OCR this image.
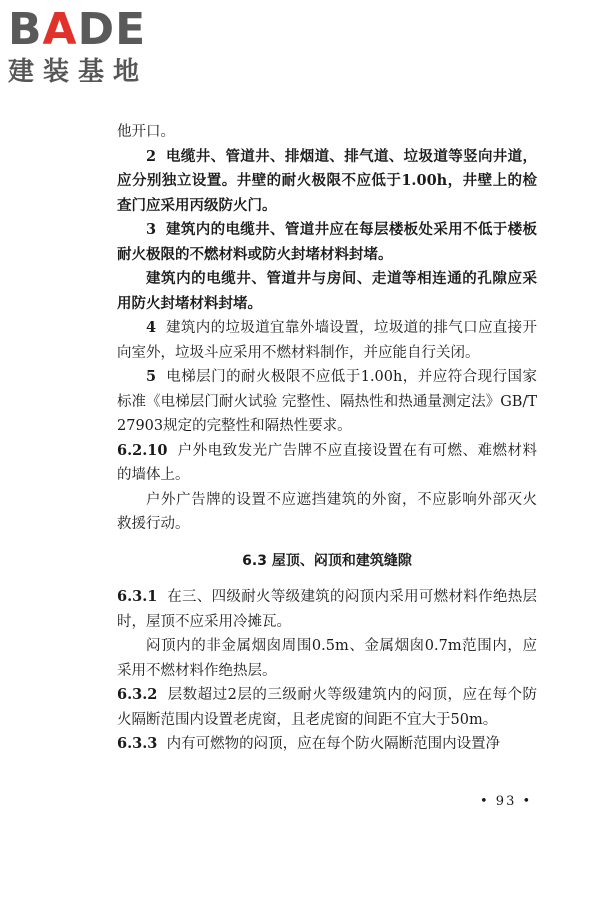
BADE
建装基地

他开口。

2 电缆井、管道井、排烟道、排气道、垃圾道等竖向井道，应分别独立设置。井壁的耐火极限不应低于1.00h，井壁上的检查门应采用丙级防火门。

3 建筑内的电缆井、管道井应在每层楼板处采用不低于楼板耐火极限的不燃材料或防火封堵材料封堵。

建筑内的电缆井、管道井与房间、走道等相连通的孔隙应采用防火封堵材料封堵。

4 建筑内的垃圾道宜靠外墙设置，垃圾道的排气口应直接开向室外，垃圾斗应采用不燃材料制作，并应能自行关闭。

5 电梯层门的耐火极限不应低于1.00h，并应符合现行国家标准《电梯层门耐火试验 完整性、隔热性和热通量测定法》GB/T 27903规定的完整性和隔热性要求。

6.2.10 户外电致发光广告牌不应直接设置在有可燃、难燃材料的墙体上。

户外广告牌的设置不应遮挡建筑的外窗，不应影响外部灭火救援行动。

6.3 屋顶、闷顶和建筑缝隙

6.3.1 在三、四级耐火等级建筑的闷顶内采用可燃材料作绝热层时，屋顶不应采用冷摊瓦。

闷顶内的非金属烟囱周围0.5m、金属烟囱0.7m范围内，应采用不燃材料作绝热层。

6.3.2 层数超过2层的三级耐火等级建筑内的闷顶，应在每个防火隔断范围内设置老虎窗，且老虎窗的间距不宜大于50m。

6.3.3 内有可燃物的闷顶，应在每个防火隔断范围内设置净

• 93 •
